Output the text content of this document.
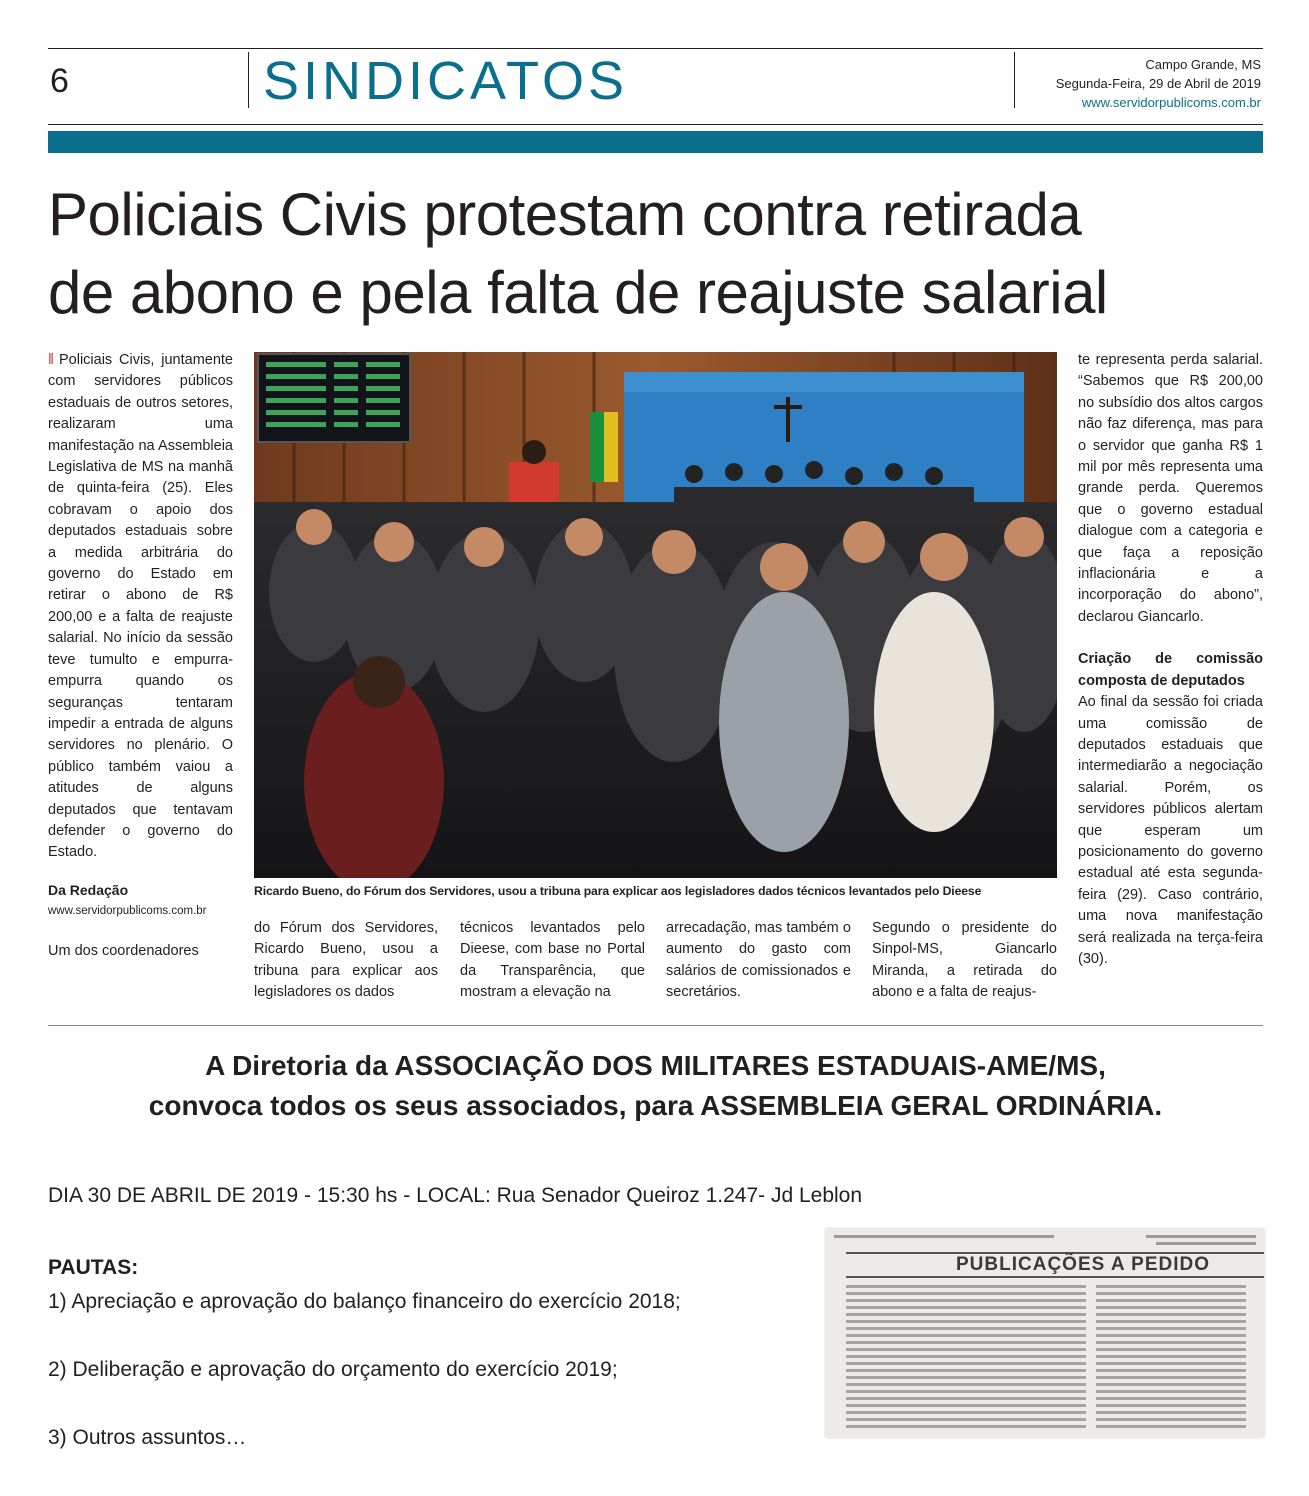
6	SINDICATOS	Campo Grande, MS
Segunda-Feira, 29 de Abril de 2019
www.servidorpublicoms.com.br
Policiais Civis protestam contra retirada
de abono e pela falta de reajuste salarial

‖ Policiais Civis, juntamente com servidores públicos estaduais de outros setores, realizaram uma manifestação na Assembleia Legislativa de MS na manhã de quinta-feira (25). Eles cobravam o apoio dos deputados estaduais sobre a medida arbitrária do governo do Estado em retirar o abono de R$ 200,00 e a falta de reajuste salarial. No início da sessão teve tumulto e empurra-empurra quando os seguranças tentaram impedir a entrada de alguns servidores no plenário. O público também vaiou a atitudes de alguns deputados que tentavam defender o governo do Estado.

Da Redação

www.servidorpublicoms.com.br

Um dos coordenadores

Ricardo Bueno, do Fórum dos Servidores, usou a tribuna para explicar aos legisladores dados técnicos levantados pelo Dieese

do Fórum dos Servidores, Ricardo Bueno, usou a tribuna para explicar aos legisladores os dados

técnicos levantados pelo Dieese, com base no Portal da Transparência, que mostram a elevação na

arrecadação, mas também o aumento do gasto com salários de comissionados e secretários.

Segundo o presidente do Sinpol-MS, Giancarlo Miranda, a retirada do abono e a falta de reajus-

te representa perda salarial. “Sabemos que R$ 200,00 no subsídio dos altos cargos não faz diferença, mas para o servidor que ganha R$ 1 mil por mês representa uma grande perda. Queremos que o governo estadual dialogue com a categoria e que faça a reposição inflacionária e a incorporação do abono”, declarou Giancarlo.

Criação de comissão composta de deputados

Ao final da sessão foi criada uma comissão de deputados estaduais que intermediarão a negociação salarial. Porém, os servidores públicos alertam que esperam um posicionamento do governo estadual até esta segunda-feira (29). Caso contrário, uma nova manifestação será realizada na terça-feira (30).

A Diretoria da ASSOCIAÇÃO DOS MILITARES ESTADUAIS-AME/MS,
convoca todos os seus associados, para ASSEMBLEIA GERAL ORDINÁRIA.
DIA 30 DE ABRIL DE 2019 - 15:30 hs - LOCAL: Rua Senador Queiroz 1.247- Jd Leblon
PAUTAS:
1) Apreciação e aprovação do balanço financeiro do exercício 2018;
2) Deliberação e aprovação do orçamento do exercício 2019;
3) Outros assuntos…
PUBLICAÇÕES A PEDIDO
